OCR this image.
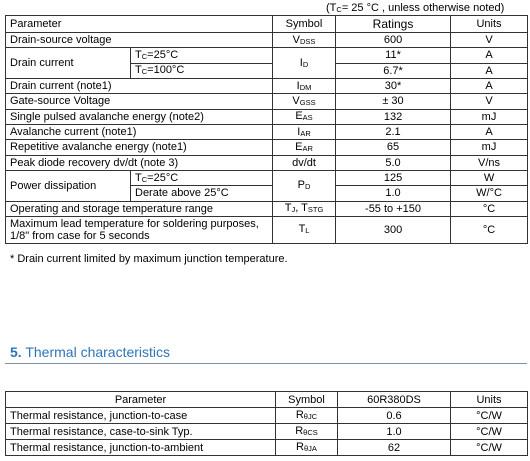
(TC= 25 °C , unless otherwise noted)
Parameter		Symbol	Ratings	Units
Drain-source voltage		VDSS	600	V
Drain current	TC=25°C	ID	11*	A
	TC=100°C		6.7*	A
Drain current (note1)		IDM	30*	A
Gate-source Voltage		VGSS	± 30	V
Single pulsed avalanche energy (note2)		EAS	132	mJ
Avalanche current (note1)		IAR	2.1	A
Repetitive avalanche energy (note1)		EAR	65	mJ
Peak diode recovery dv/dt (note 3)		dv/dt	5.0	V/ns
Power dissipation	TC=25°C	PD	125	W
	Derate above 25°C		1.0	W/°C
Operating and storage temperature range		TJ, TSTG	-55 to +150	°C

Maximum lead temperature for soldering purposes,
1/8" from case for 5 seconds		TL	300	°C
* Drain current limited by maximum junction temperature.
5. Thermal characteristics
Parameter	Symbol	60R380DS	Units
Thermal resistance, junction-to-case	RθJC	0.6	°C/W
Thermal resistance, case-to-sink Typ.	RθCS	1.0	°C/W
Thermal resistance, junction-to-ambient	RθJA	62	°C/W
